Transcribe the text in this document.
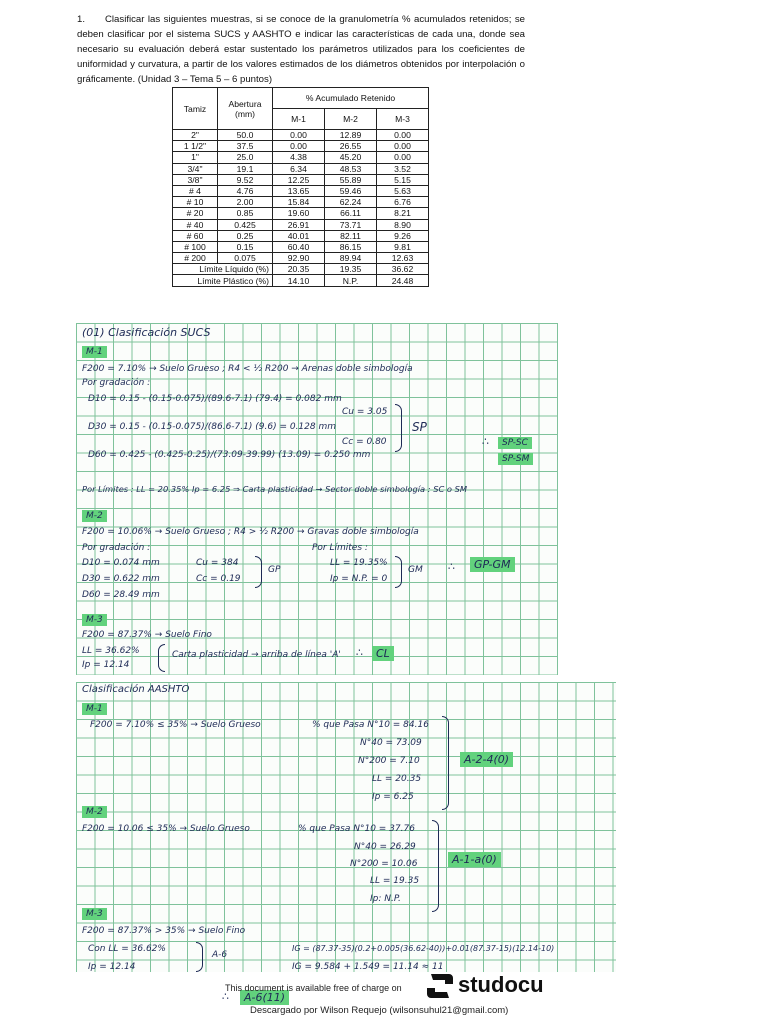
1. Clasificar las siguientes muestras, si se conoce de la granulometría % acumulados retenidos; se deben clasificar por el sistema SUCS y AASHTO e indicar las características de cada una, donde sea necesario su evaluación deberá estar sustentado los parámetros utilizados para los coeficientes de uniformidad y curvatura, a partir de los valores estimados de los diámetros obtenidos por interpolación o gráficamente. (Unidad 3 – Tema 5 – 6 puntos)
Tamiz	Abertura (mm)	% Acumulado Retenido		
		M-1	M-2	M-3
2"	50.0	0.00	12.89	0.00
1 1/2"	37.5	0.00	26.55	0.00
1"	25.0	4.38	45.20	0.00
3/4"	19.1	6.34	48.53	3.52
3/8"	9.52	12.25	55.89	5.15
# 4	4.76	13.65	59.46	5.63
# 10	2.00	15.84	62.24	6.76
# 20	0.85	19.60	66.11	8.21
# 40	0.425	26.91	73.71	8.90
# 60	0.25	40.01	82.11	9.26
# 100	0.15	60.40	86.15	9.81
# 200	0.075	92.90	89.94	12.63
Límite Líquido (%)		20.35	19.35	36.62
Límite Plástico (%)		14.10	N.P.	24.48
(01) Clasificación SUCS
M-1
F200 = 7.10% → Suelo Grueso ; R4 < ½ R200 → Arenas doble simbología
Por gradación :
D10 = 0.15 - (0.15-0.075)/(89.6-7.1) (79.4) = 0.082 mm
D30 = 0.15 - (0.15-0.075)/(86.6-7.1) (9.6) = 0.128 mm
D60 = 0.425 - (0.425-0.25)/(73.09-39.99) (13.09) = 0.250 mm
Cu = 3.05
Cc = 0.80
SP
∴	SP-SC
SP-SM
Por Límites : LL = 20.35% Ip = 6.25 ⇒ Carta plasticidad → Sector doble simbología : SC o SM
M-2
F200 = 10.06% → Suelo Grueso ; R4 > ½ R200 → Gravas doble simbología
Por gradación :
D10 = 0.074 mm
D30 = 0.622 mm
D60 = 28.49 mm
Cu = 384
Cc = 0.19
GP
Por Límites :
LL = 19.35%
Ip = N.P. = 0
GM ∴	GP-GM
M-3
F200 = 87.37% → Suelo Fino
LL = 36.62%
Ip = 12.14
Carta plasticidad → arriba de línea 'A' ∴	CL
Clasificación AASHTO
M-1
F200 = 7.10% ≤ 35% → Suelo Grueso	% que Pasa N°10 = 84.16
N°40 = 73.09
N°200 = 7.10
LL = 20.35
Ip = 6.25
A-2-4(0)
M-2
F200 = 10.06 ≤ 35% → Suelo Grueso	% que Pasa N°10 = 37.76
N°40 = 26.29
N°200 = 10.06
LL = 19.35
Ip: N.P.
A-1-a(0)
M-3
F200 = 87.37% > 35% → Suelo Fino
Con LL = 36.62%
Ip = 12.14
A-6
IG = (87.37-35)(0.2+0.005(36.62-40))+0.01(87.37-15)(12.14-10)
IG = 9.584 + 1.549 = 11.14 ≈ 11
∴	A-6(11)
This document is available free of charge on	studocu
Descargado por Wilson Requejo (wilsonsuhul21@gmail.com)
